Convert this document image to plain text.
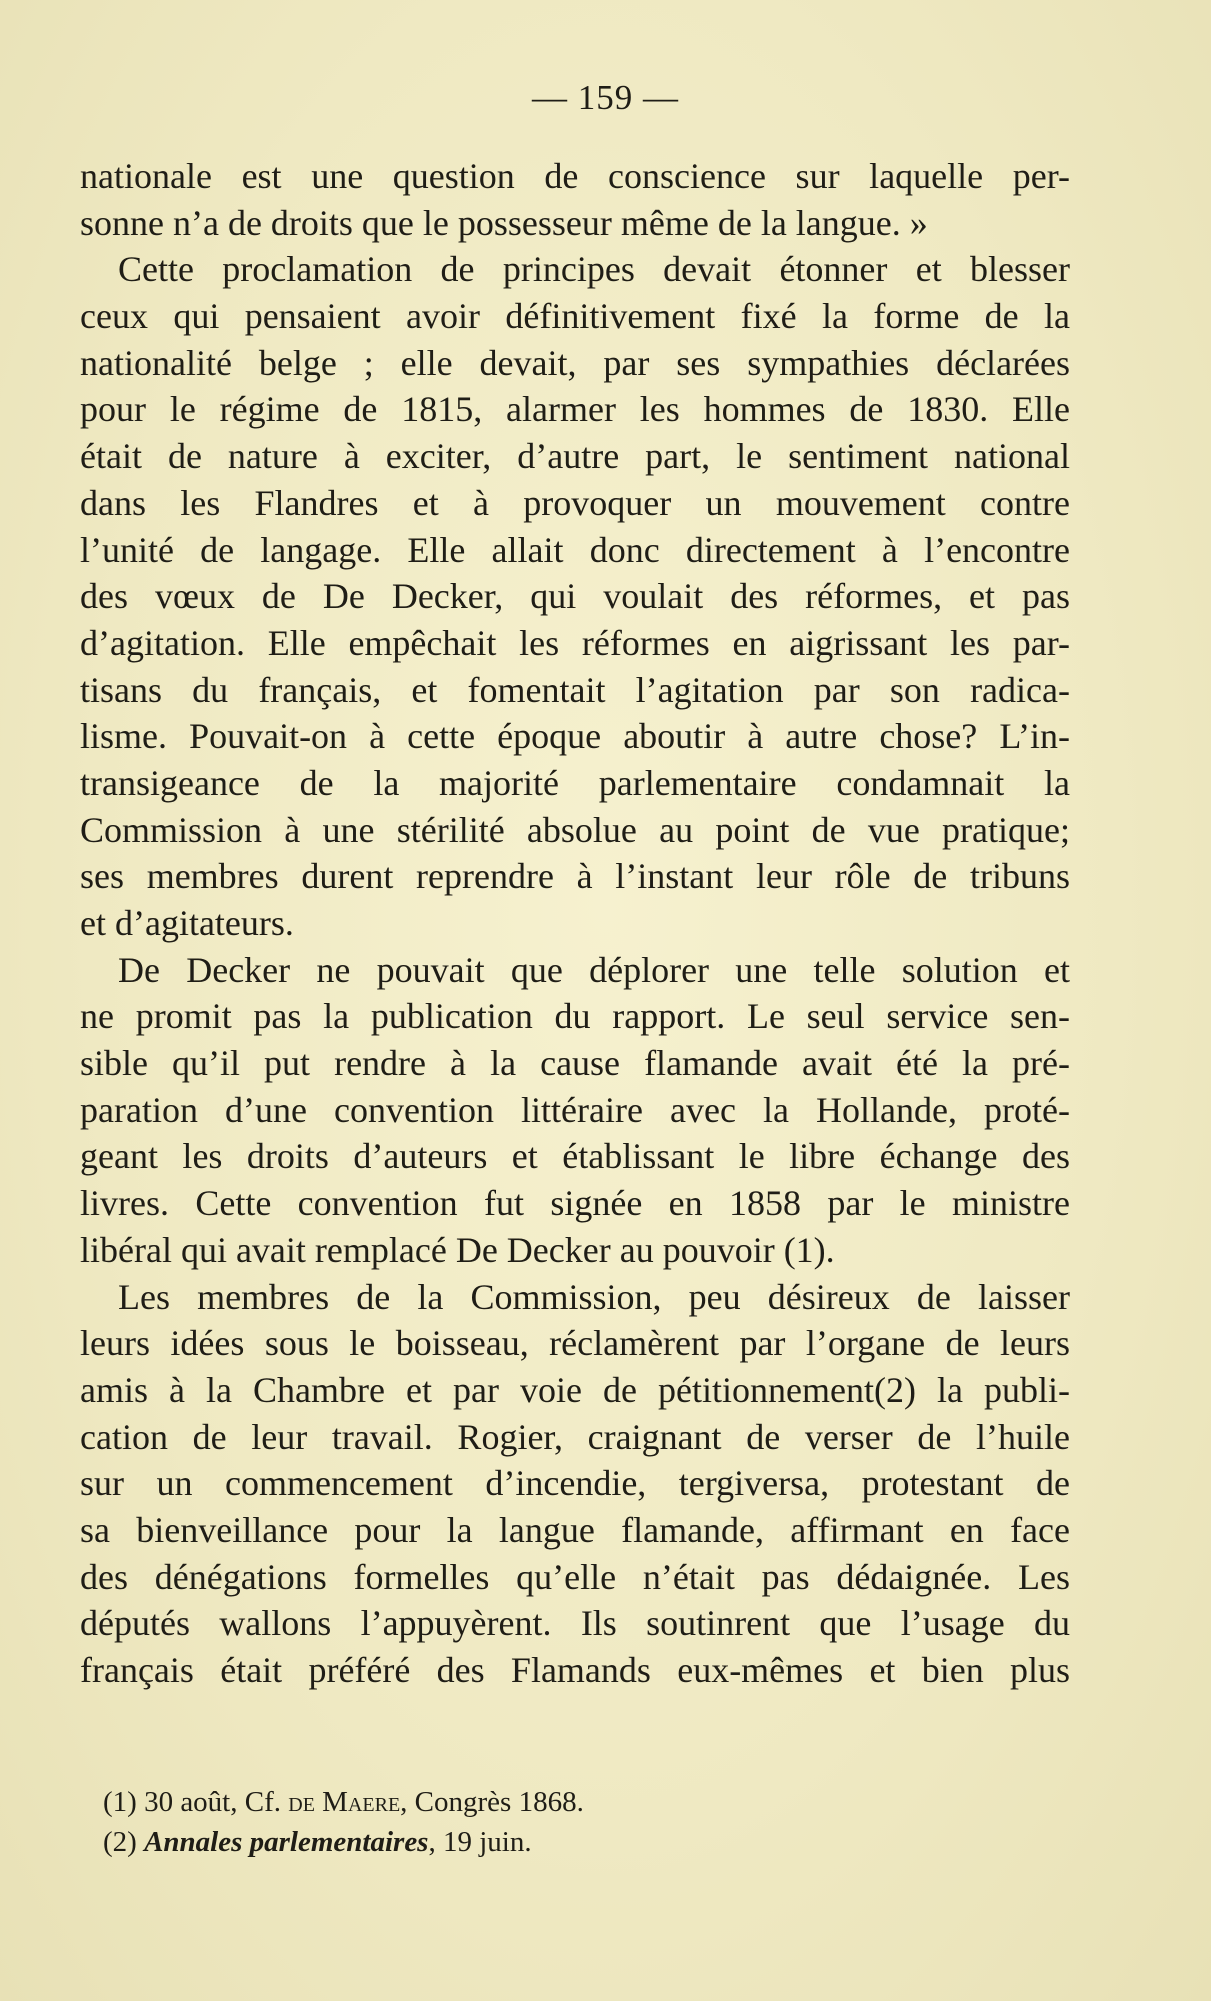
— 159 —
nationale est une question de conscience sur laquelle per-
sonne n’a de droits que le possesseur même de la langue. »
Cette proclamation de principes devait étonner et blesser
ceux qui pensaient avoir définitivement fixé la forme de la
nationalité belge ; elle devait, par ses sympathies déclarées
pour le régime de 1815, alarmer les hommes de 1830. Elle
était de nature à exciter, d’autre part, le sentiment national
dans les Flandres et à provoquer un mouvement contre
l’unité de langage. Elle allait donc directement à l’encontre
des vœux de De Decker, qui voulait des réformes, et pas
d’agitation. Elle empêchait les réformes en aigrissant les par-
tisans du français, et fomentait l’agitation par son radica-
lisme. Pouvait-on à cette époque aboutir à autre chose? L’in-
transigeance de la majorité parlementaire condamnait la
Commission à une stérilité absolue au point de vue pratique;
ses membres durent reprendre à l’instant leur rôle de tribuns
et d’agitateurs.
De Decker ne pouvait que déplorer une telle solution et
ne promit pas la publication du rapport. Le seul service sen-
sible qu’il put rendre à la cause flamande avait été la pré-
paration d’une convention littéraire avec la Hollande, proté-
geant les droits d’auteurs et établissant le libre échange des
livres. Cette convention fut signée en 1858 par le ministre
libéral qui avait remplacé De Decker au pouvoir (1).
Les membres de la Commission, peu désireux de laisser
leurs idées sous le boisseau, réclamèrent par l’organe de leurs
amis à la Chambre et par voie de pétitionnement(2) la publi-
cation de leur travail. Rogier, craignant de verser de l’huile
sur un commencement d’incendie, tergiversa, protestant de
sa bienveillance pour la langue flamande, affirmant en face
des dénégations formelles qu’elle n’était pas dédaignée. Les
députés wallons l’appuyèrent. Ils soutinrent que l’usage du
français était préféré des Flamands eux-mêmes et bien plus
(1) 30 août, Cf. de Maere, Congrès 1868.
(2) Annales parlementaires, 19 juin.
